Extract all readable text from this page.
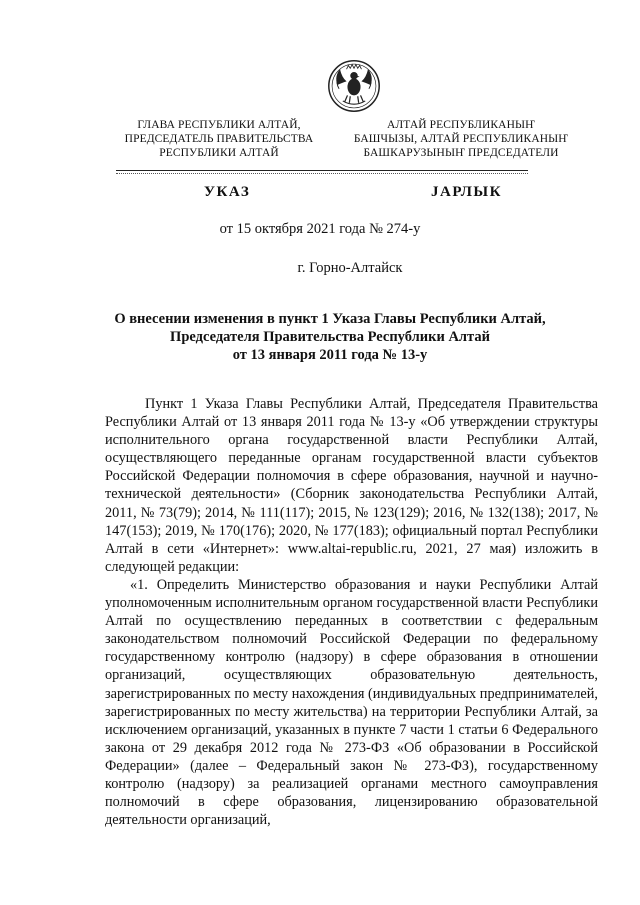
ГЛАВА РЕСПУБЛИКИ АЛТАЙ,
ПРЕДСЕДАТЕЛЬ ПРАВИТЕЛЬСТВА
РЕСПУБЛИКИ АЛТАЙ
АЛТАЙ РЕСПУБЛИКАНЫҤ
БАШЧЫЗЫ, АЛТАЙ РЕСПУБЛИКАНЫҤ
БАШКАРУЗЫНЫҤ ПРЕДСЕДАТЕЛИ
УКАЗ	ЈАРЛЫК
от 15 октября 2021 года № 274-у
г. Горно-Алтайск
О внесении изменения в пункт 1 Указа Главы Республики Алтай,
Председателя Правительства Республики Алтай
от 13 января 2011 года № 13-у

Пункт 1 Указа Главы Республики Алтай, Председателя Правительства Республики Алтай от 13 января 2011 года № 13-у «Об утверждении структуры исполнительного органа государственной власти Республики Алтай, осуществляющего переданные органам государственной власти субъектов Российской Федерации полномочия в сфере образования, научной и научно-технической деятельности» (Сборник законодательства Республики Алтай, 2011, № 73(79); 2014, № 111(117); 2015, № 123(129); 2016, № 132(138); 2017, № 147(153); 2019, № 170(176); 2020, № 177(183); официальный портал Республики Алтай в сети «Интернет»: www.altai-republic.ru, 2021, 27 мая) изложить в следующей редакции:

«1. Определить Министерство образования и науки Республики Алтай уполномоченным исполнительным органом государственной власти Республики Алтай по осуществлению переданных в соответствии с федеральным законодательством полномочий Российской Федерации по федеральному государственному контролю (надзору) в сфере образования в отношении организаций, осуществляющих образовательную деятельность, зарегистрированных по месту нахождения (индивидуальных предпринимателей, зарегистрированных по месту жительства) на территории Республики Алтай, за исключением организаций, указанных в пункте 7 части 1 статьи 6 Федерального закона от 29 декабря 2012 года № 273-ФЗ «Об образовании в Российской Федерации» (далее – Федеральный закон № 273-ФЗ), государственному контролю (надзору) за реализацией органами местного самоуправления полномочий в сфере образования, лицензированию образовательной деятельности организаций,
